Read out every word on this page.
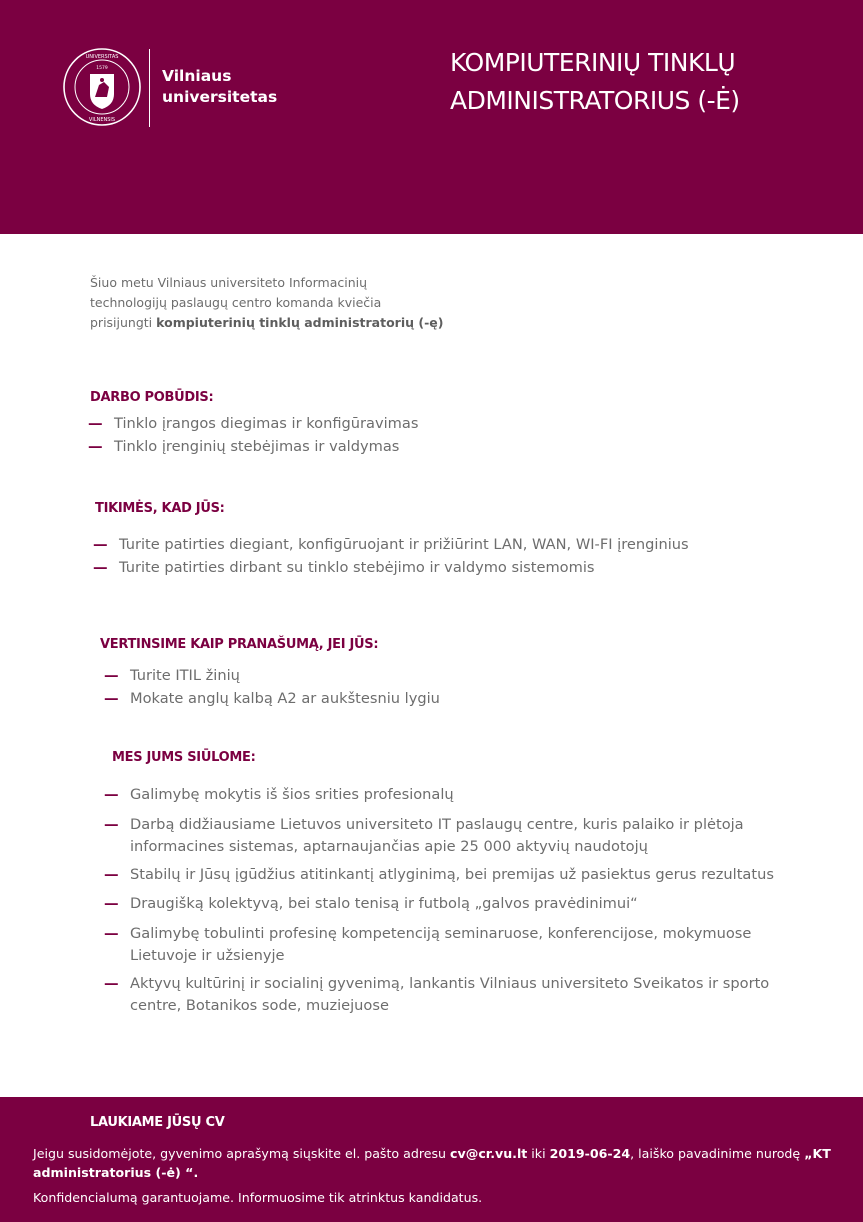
UNIVERSITAS
VILNENSIS
1579	Vilniaus
universitetas
KOMPIUTERINIŲ TINKLŲ
ADMINISTRATORIUS (-Ė)
Šiuo metu Vilniaus universiteto Informacinių
technologijų paslaugų centro komanda kviečia
prisijungti kompiuterinių tinklų administratorių (-ę)
DARBO POBŪDIS:
— Tinklo įrangos diegimas ir konfigūravimas
— Tinklo įrenginių stebėjimas ir valdymas
TIKIMĖS, KAD JŪS:
— Turite patirties diegiant, konfigūruojant ir prižiūrint LAN, WAN, WI-FI įrenginius
— Turite patirties dirbant su tinklo stebėjimo ir valdymo sistemomis
VERTINSIME KAIP PRANAŠUMĄ, JEI JŪS:
— Turite ITIL žinių
— Mokate anglų kalbą A2 ar aukštesniu lygiu
MES JUMS SIŪLOME:
— Galimybę mokytis iš šios srities profesionalų
— Darbą didžiausiame Lietuvos universiteto IT paslaugų centre, kuris palaiko ir plėtoja
informacines sistemas, aptarnaujančias apie 25 000 aktyvių naudotojų
— Stabilų ir Jūsų įgūdžius atitinkantį atlyginimą, bei premijas už pasiektus gerus rezultatus
— Draugišką kolektyvą, bei stalo tenisą ir futbolą „galvos pravėdinimui“
— Galimybę tobulinti profesinę kompetenciją seminaruose, konferencijose, mokymuose
Lietuvoje ir užsienyje
— Aktyvų kultūrinį ir socialinį gyvenimą, lankantis Vilniaus universiteto Sveikatos ir sporto
centre, Botanikos sode, muziejuose
LAUKIAME JŪSŲ CV
Jeigu susidomėjote, gyvenimo aprašymą siųskite el. pašto adresu cv@cr.vu.lt iki 2019-06-24, laiško pavadinime nurodę „KT administratorius (-ė) “.
Konfidencialumą garantuojame. Informuosime tik atrinktus kandidatus.
